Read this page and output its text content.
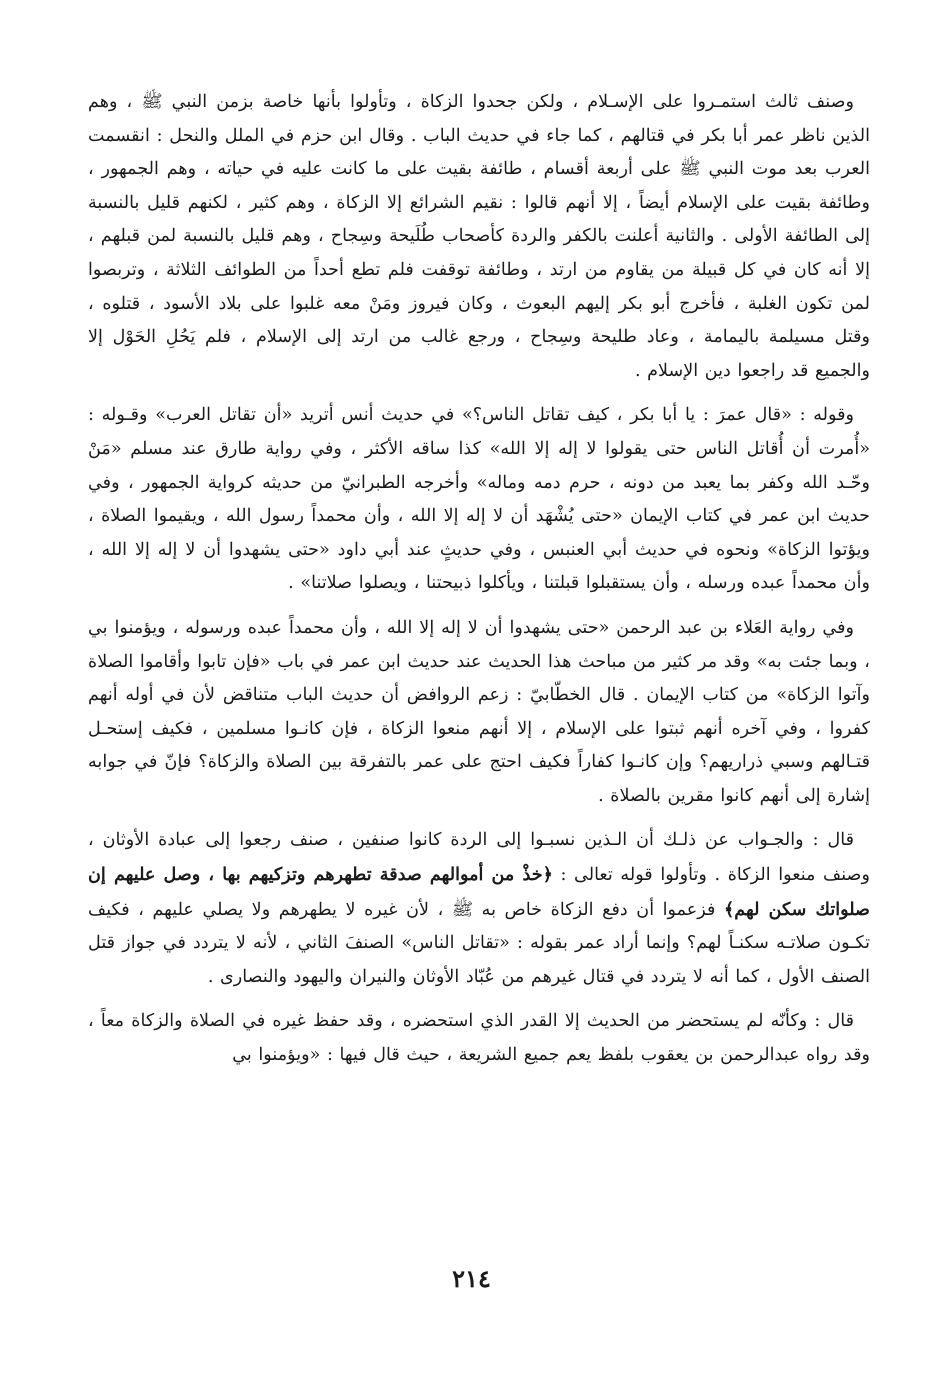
وصنف ثالث استمـروا على الإسـلام ، ولكن جحدوا الزكاة ، وتأولوا بأنها خاصة بزمن النبي ﷺ ، وهم الذين ناظر عمر أبا بكر في قتالهم ، كما جاء في حديث الباب . وقال ابن حزم في الملل والنحل : انقسمت العرب بعد موت النبي ﷺ على أربعة أقسام ، طائفة بقيت على ما كانت عليه في حياته ، وهم الجمهور ، وطائفة بقيت على الإسلام أيضاً ، إلا أنهم قالوا : نقيم الشرائع إلا الزكاة ، وهم كثير ، لكنهم قليل بالنسبة إلى الطائفة الأولى . والثانية أعلنت بالكفر والردة كأصحاب طُلَيحة وسِجاح ، وهم قليل بالنسبة لمن قبلهم ، إلا أنه كان في كل قبيلة من يقاوم من ارتد ، وطائفة توقفت فلم تطع أحداً من الطوائف الثلاثة ، وتربصوا لمن تكون الغلبة ، فأخرج أبو بكر إليهم البعوث ، وكان فيروز ومَنْ معه غلبوا على بلاد الأسود ، قتلوه ، وقتل مسيلمة باليمامة ، وعاد طليحة وسِجاح ، ورجع غالب من ارتد إلى الإسلام ، فلم يَحُلِ الحَوْل إلا والجميع قد راجعوا دين الإسلام .

وقوله : «قال عمرَ : يا أبا بكر ، كيف تقاتل الناس؟» في حديث أنس أتريد «أن تقاتل العرب» وقـوله : «أُمرت أن أُقاتل الناس حتى يقولوا لا إله إلا الله» كذا ساقه الأكثر ، وفي رواية طارق عند مسلم «مَنْ وحّـد الله وكفر بما يعبد من دونه ، حرم دمه وماله» وأخرجه الطبرانيّ من حديثه كرواية الجمهور ، وفي حديث ابن عمر في كتاب الإيمان «حتى يُشْهَد أن لا إله إلا الله ، وأن محمداً رسول الله ، ويقيموا الصلاة ، ويؤتوا الزكاة» ونحوه في حديث أبي العنبس ، وفي حديثٍ عند أبي داود «حتى يشهدوا أن لا إله إلا الله ، وأن محمداً عبده ورسله ، وأن يستقبلوا قبلتنا ، ويأكلوا ذبيحتنا ، ويصلوا صلاتنا» .

وفي رواية العَلاء بن عبد الرحمن «حتى يشهدوا أن لا إله إلا الله ، وأن محمداً عبده ورسوله ، ويؤمنوا بي ، وبما جئت به» وقد مر كثير من مباحث هذا الحديث عند حديث ابن عمر في باب «فإن تابوا وأقاموا الصلاة وآتوا الزكاة» من كتاب الإيمان . قال الخطّابيّ : زعم الروافض أن حديث الباب متناقض لأن في أوله أنهم كفروا ، وفي آخره أنهم ثبتوا على الإسلام ، إلا أنهم منعوا الزكاة ، فإن كانـوا مسلمين ، فكيف إستحـل قتـالهم وسبي ذراريهم؟ وإن كانـوا كفاراً فكيف احتج على عمر بالتفرقة بين الصلاة والزكاة؟ فإنّ في جوابه إشارة إلى أنهم كانوا مقرين بالصلاة .

قال : والجـواب عن ذلـك أن الـذين نسبـوا إلى الردة كانوا صنفين ، صنف رجعوا إلى عبادة الأوثان ، وصنف منعوا الزكاة . وتأولوا قوله تعالى : ﴿خذْ من أموالهم صدقة تطهرهم وتزكيهم بها ، وصل عليهم إن صلواتك سكن لهم﴾ فزعموا أن دفع الزكاة خاص به ﷺ ، لأن غيره لا يطهرهم ولا يصلي عليهم ، فكيف تكـون صلاتـه سكنـاً لهم؟ وإنما أراد عمر بقوله : «تقاتل الناس» الصنفَ الثاني ، لأنه لا يتردد في جواز قتل الصنف الأول ، كما أنه لا يتردد في قتال غيرهم من عُبّاد الأوثان والنيران واليهود والنصارى .

قال : وكأنّه لم يستحضر من الحديث إلا القدر الذي استحضره ، وقد حفظ غيره في الصلاة والزكاة معاً ، وقد رواه عبدالرحمن بن يعقوب بلفظ يعم جميع الشريعة ، حيث قال فيها : «ويؤمنوا بي

٢١٤
